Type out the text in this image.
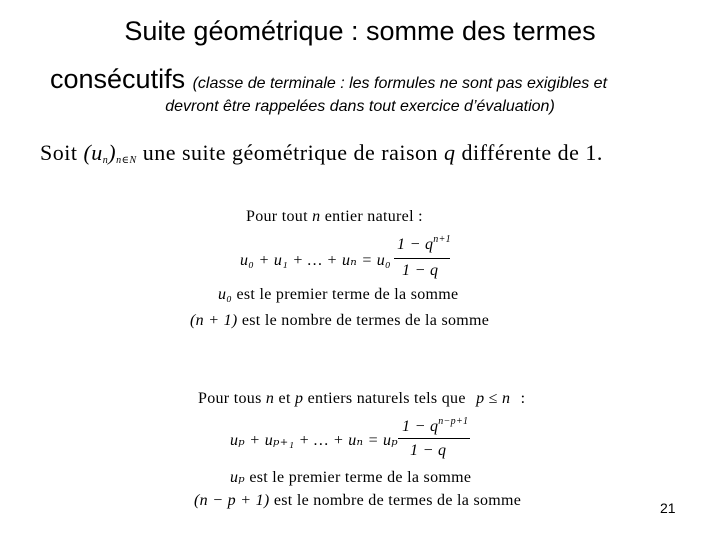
Suite géométrique : somme des termes
consécutifs (classe de terminale : les formules ne sont pas exigibles et
devront être rappelées dans tout exercice d’évaluation)
Soit (un)n∈N une suite géométrique de raison q différente de 1.
Pour tout n entier naturel :
$1 - q^{n+1}$
u₀ + u₁ + … + uₙ = u₀
1 − q
u₀ est le premier terme de la somme
(n + 1) est le nombre de termes de la somme
Pour tous n et p entiers naturels tels que p ≤ n :
$1 - q^{n-p+1}$
uₚ + uₚ₊₁ + … + uₙ = uₚ
1 − q
uₚ est le premier terme de la somme
(n − p + 1) est le nombre de termes de la somme	21
